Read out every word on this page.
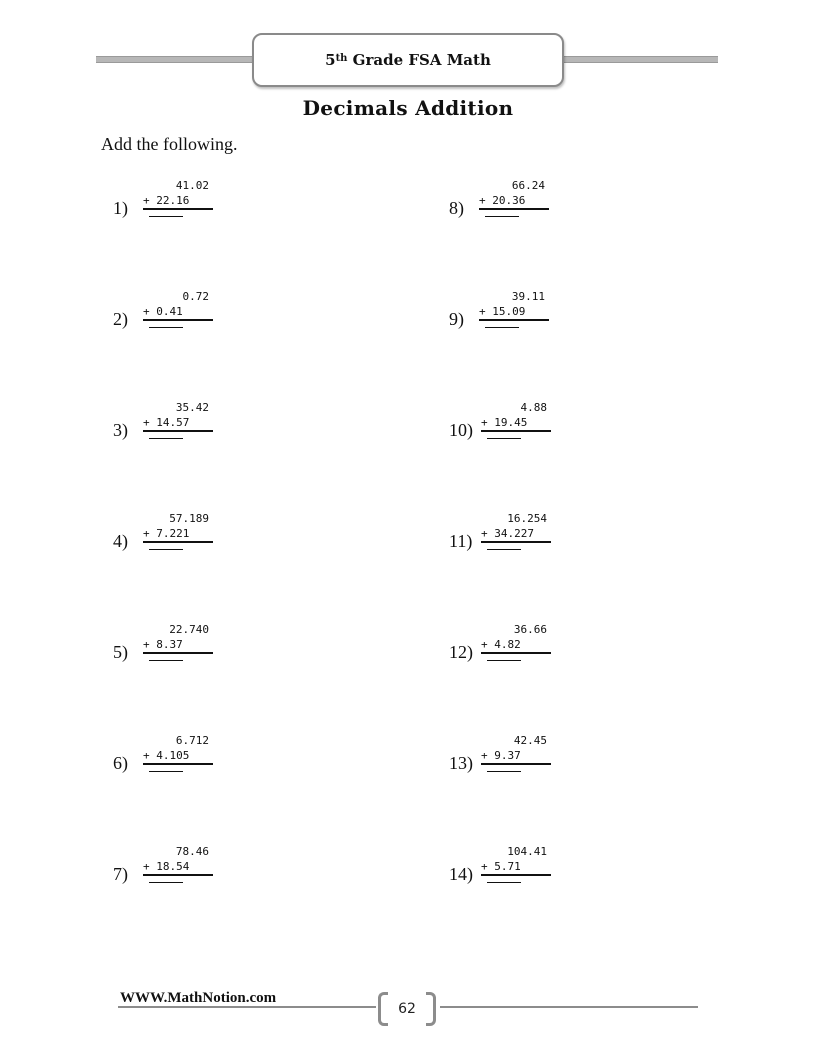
5th Grade FSA Math
Decimals Addition
Add the following.
1)
41.02
+ 22.16
2)
0.72
+ 0.41
3)
35.42
+ 14.57
4)
57.189
+ 7.221
5)
22.740
+ 8.37
6)
6.712
+ 4.105
7)
78.46
+ 18.54
8)
66.24
+ 20.36
9)
39.11
+ 15.09
10)
4.88
+ 19.45
11)
16.254
+ 34.227
12)
36.66
+ 4.82
13)
42.45
+ 9.37
14)
104.41
+ 5.71
WWW.MathNotion.com
62
